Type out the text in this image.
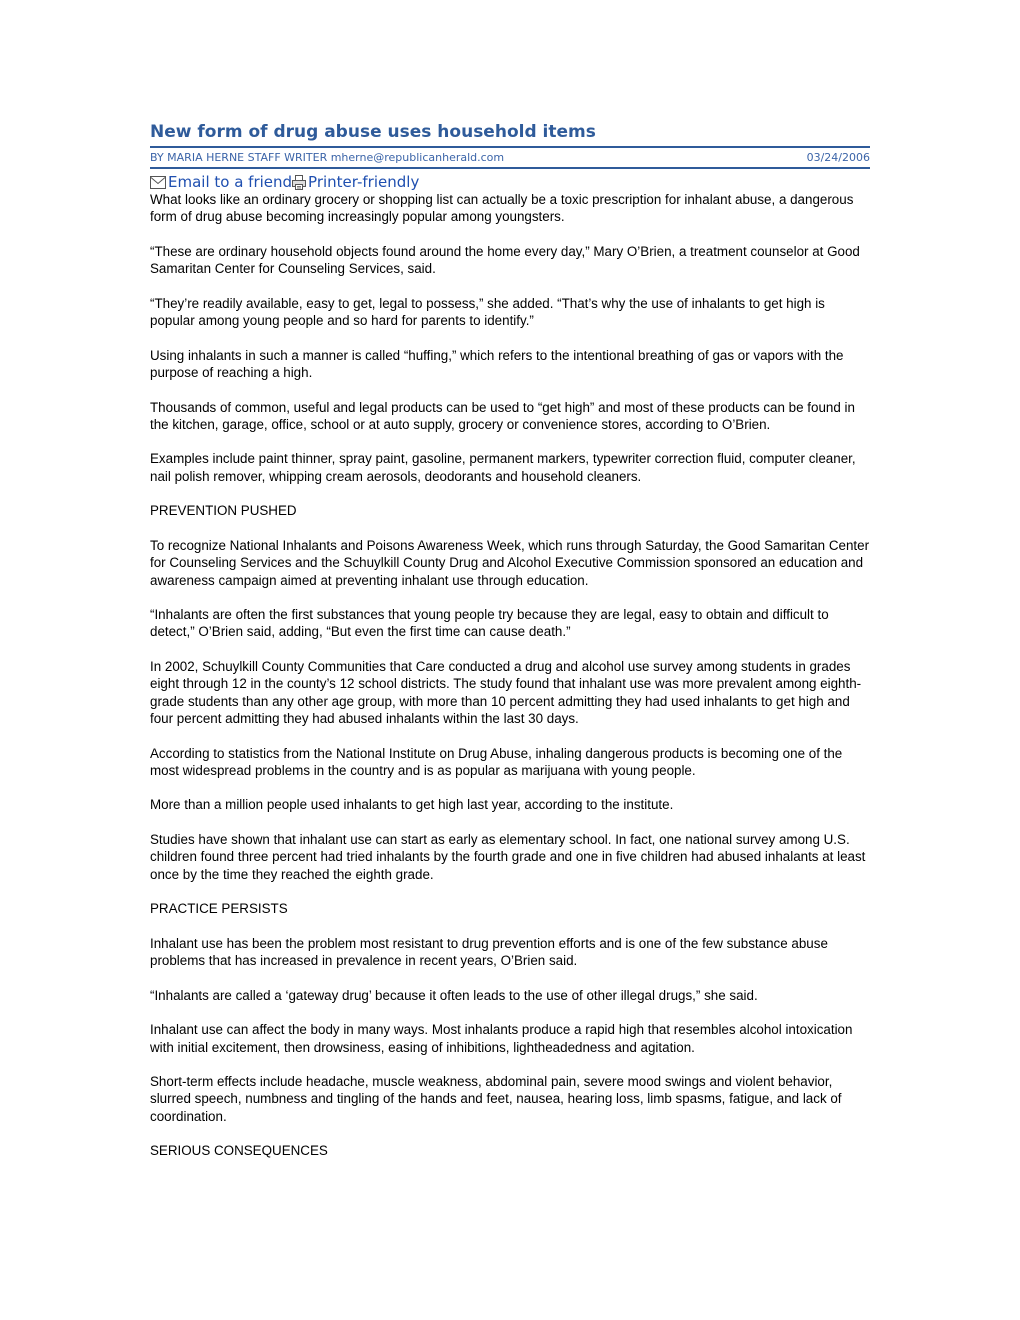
New form of drug abuse uses household items
BY MARIA HERNE STAFF WRITER mherne@republicanherald.com	03/24/2006
Email to a friend Printer-friendly

What looks like an ordinary grocery or shopping list can actually be a toxic prescription for inhalant abuse, a dangerous form of drug abuse becoming increasingly popular among youngsters.

“These are ordinary household objects found around the home every day,” Mary O’Brien, a treatment counselor at Good Samaritan Center for Counseling Services, said.

“They’re readily available, easy to get, legal to possess,” she added. “That’s why the use of inhalants to get high is popular among young people and so hard for parents to identify.”

Using inhalants in such a manner is called “huffing,” which refers to the intentional breathing of gas or vapors with the purpose of reaching a high.

Thousands of common, useful and legal products can be used to “get high” and most of these products can be found in the kitchen, garage, office, school or at auto supply, grocery or convenience stores, according to O’Brien.

Examples include paint thinner, spray paint, gasoline, permanent markers, typewriter correction fluid, computer cleaner, nail polish remover, whipping cream aerosols, deodorants and household cleaners.

PREVENTION PUSHED

To recognize National Inhalants and Poisons Awareness Week, which runs through Saturday, the Good Samaritan Center for Counseling Services and the Schuylkill County Drug and Alcohol Executive Commission sponsored an education and awareness campaign aimed at preventing inhalant use through education.

“Inhalants are often the first substances that young people try because they are legal, easy to obtain and difficult to detect,” O’Brien said, adding, “But even the first time can cause death.”

In 2002, Schuylkill County Communities that Care conducted a drug and alcohol use survey among students in grades eight through 12 in the county’s 12 school districts. The study found that inhalant use was more prevalent among eighth-grade students than any other age group, with more than 10 percent admitting they had used inhalants to get high and four percent admitting they had abused inhalants within the last 30 days.

According to statistics from the National Institute on Drug Abuse, inhaling dangerous products is becoming one of the most widespread problems in the country and is as popular as marijuana with young people.

More than a million people used inhalants to get high last year, according to the institute.

Studies have shown that inhalant use can start as early as elementary school. In fact, one national survey among U.S. children found three percent had tried inhalants by the fourth grade and one in five children had abused inhalants at least once by the time they reached the eighth grade.

PRACTICE PERSISTS

Inhalant use has been the problem most resistant to drug prevention efforts and is one of the few substance abuse problems that has increased in prevalence in recent years, O’Brien said.

“Inhalants are called a ‘gateway drug’ because it often leads to the use of other illegal drugs,” she said.

Inhalant use can affect the body in many ways. Most inhalants produce a rapid high that resembles alcohol intoxication with initial excitement, then drowsiness, easing of inhibitions, lightheadedness and agitation.

Short-term effects include headache, muscle weakness, abdominal pain, severe mood swings and violent behavior, slurred speech, numbness and tingling of the hands and feet, nausea, hearing loss, limb spasms, fatigue, and lack of coordination.

SERIOUS CONSEQUENCES
